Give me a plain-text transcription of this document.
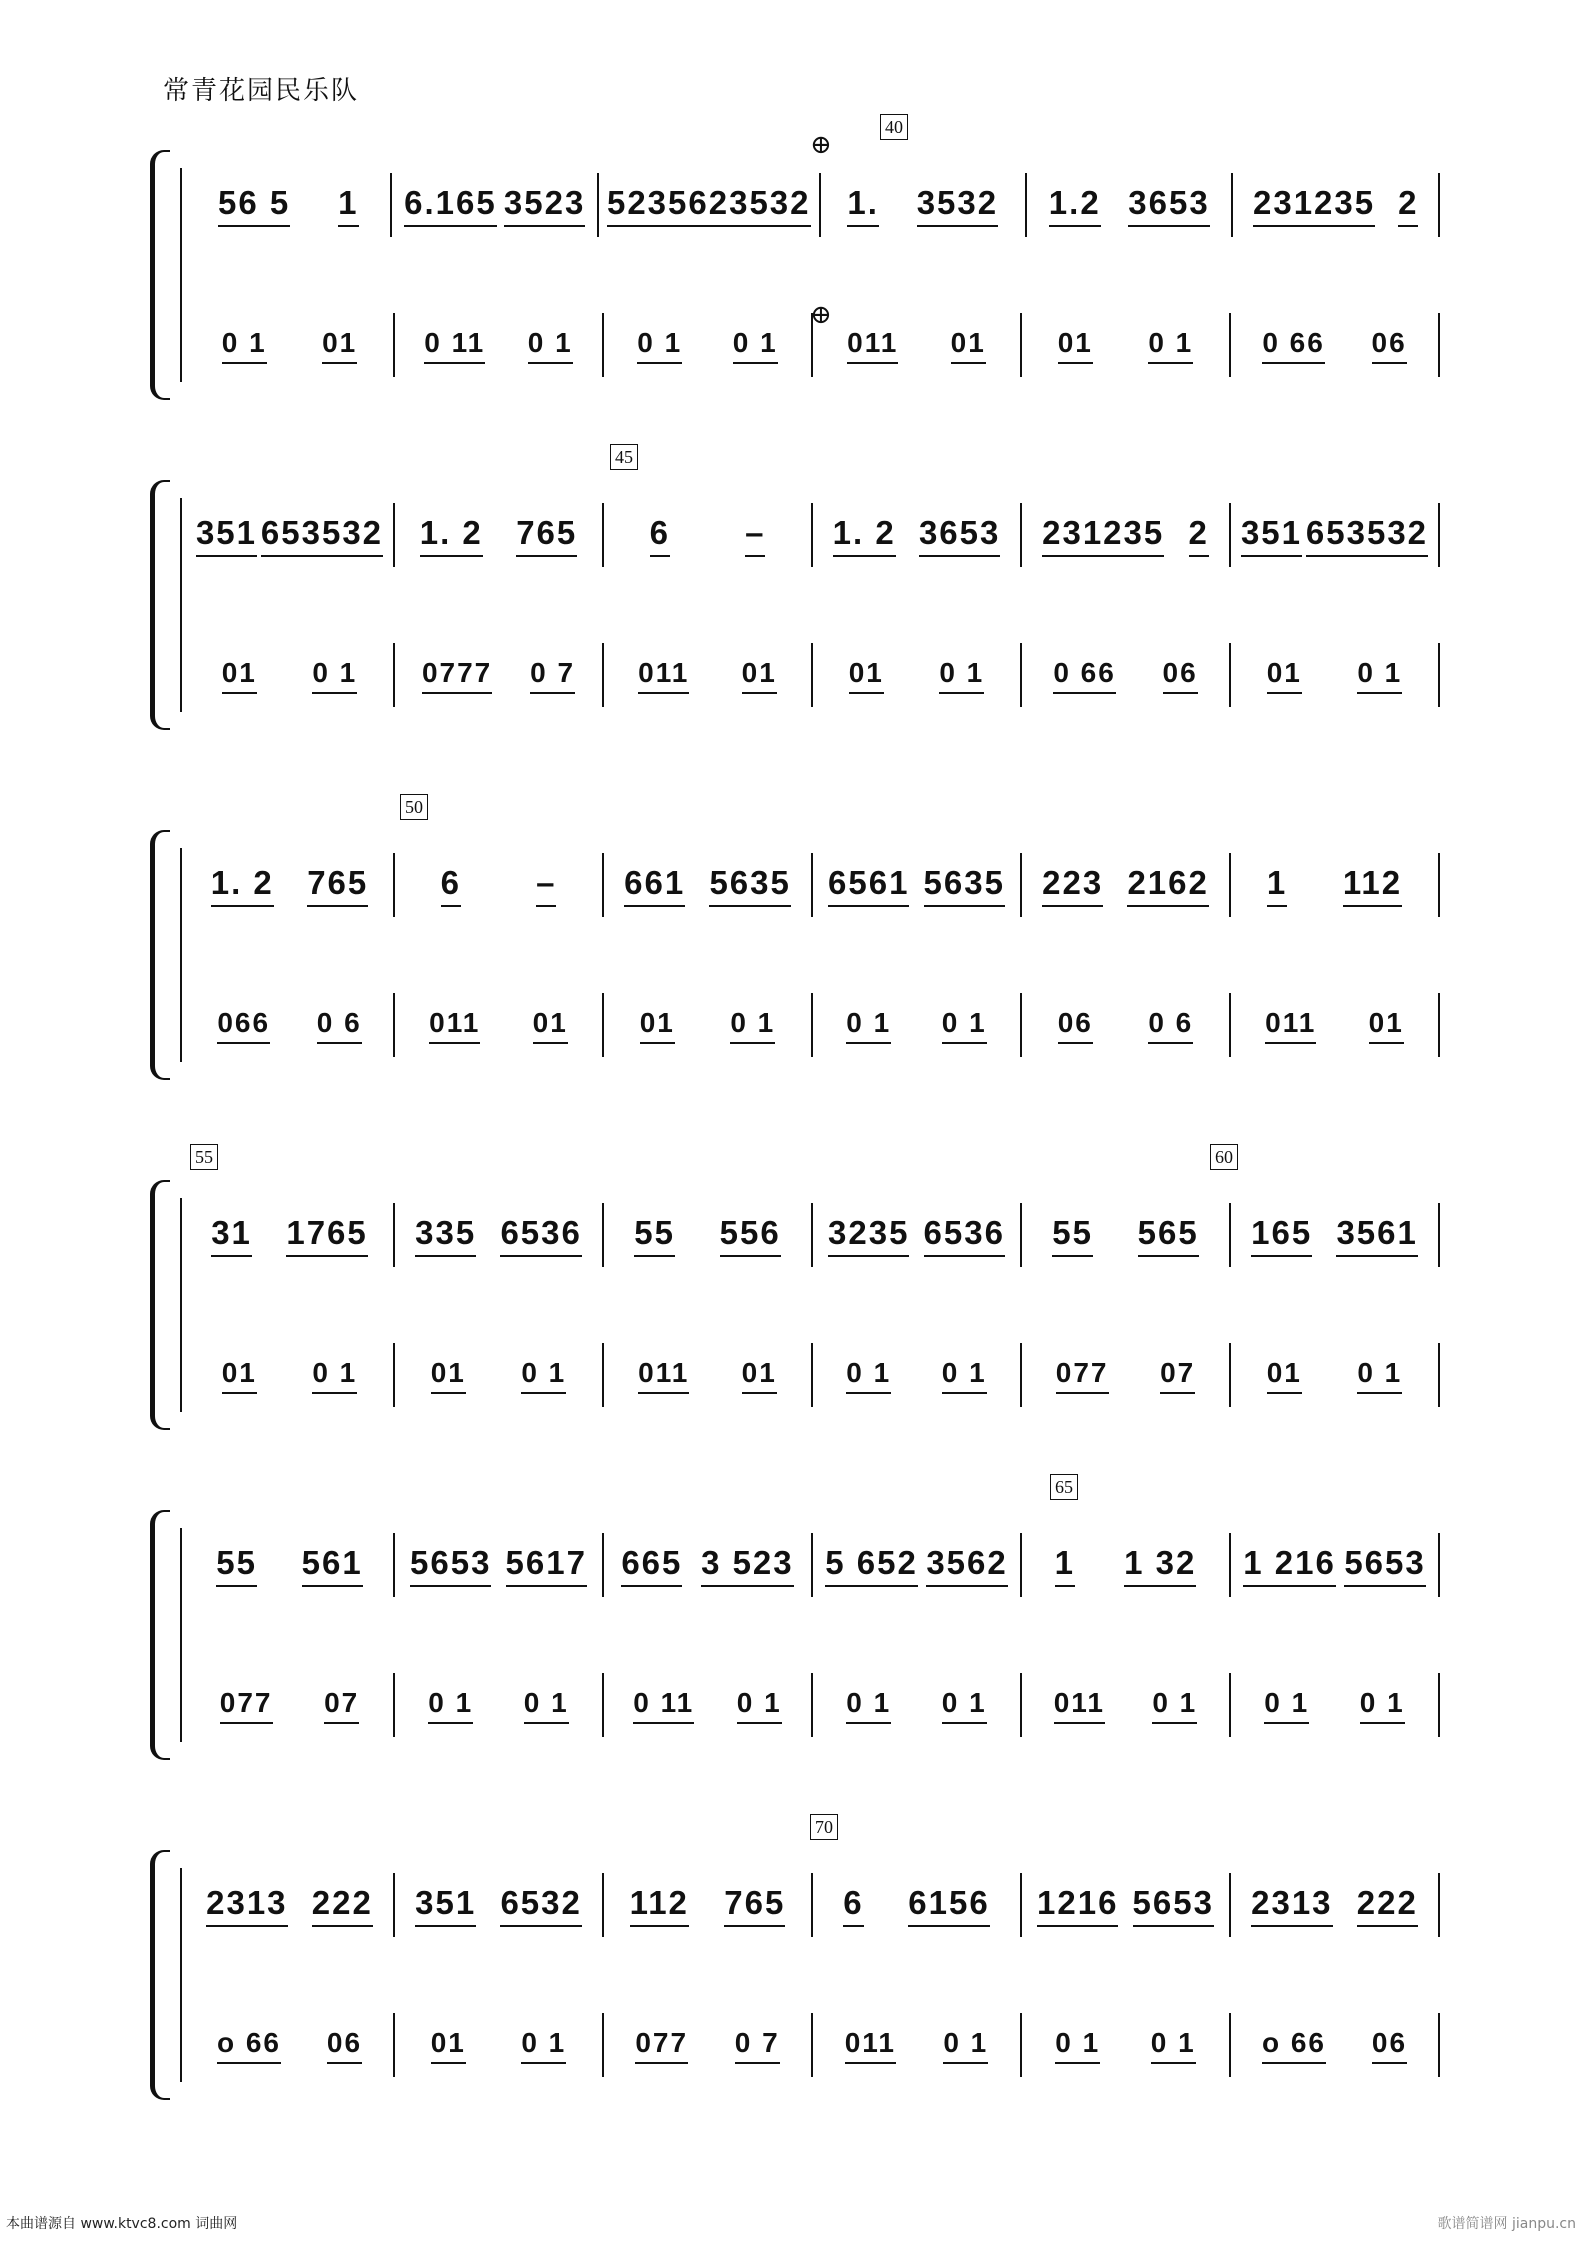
常青花园民乐队
56 5 1 6.165 3523 5235 623532 1. 3532 1.2 3653 231235 2
0 1 01 0 11 0 1 0 1 0 1 011 01	01 0 1 0 66 06
40
⊕
⊕
351 653532 1. 2 765 6 – 1. 2 3653 231235 2 351 653532
01 0 1 0777 0 7 011 01	01 0 1 0 66 06 01 0 1
45
1. 2 765 6 – 661 5635 6561 5635 223 2162 1 112
066 0 6 011 01	01 0 1	0 1 0 1	06 0 6	011 01
50
31 1765 335 6536 55 556 3235 6536 55 565 165 3561
01 0 1	01 0 1	011 01 0 1 0 1 077 07	01 0 1
55	60
55 561 5653 5617 665 3 523 5 652 3562 1 1 32 1 216 5653
077 07 0 1 0 1 0 11 0 1 0 1 0 1 011 0 1 0 1 0 1
65
2313 222 351 6532 112 765 6 6156 1216 5653 2313 222
o 66 06 01 0 1 077 0 7 011 0 1 0 1 0 1 o 66 06
70
本曲谱源自 www.ktvc8.com 词曲网	歌谱简谱网 jianpu.cn
